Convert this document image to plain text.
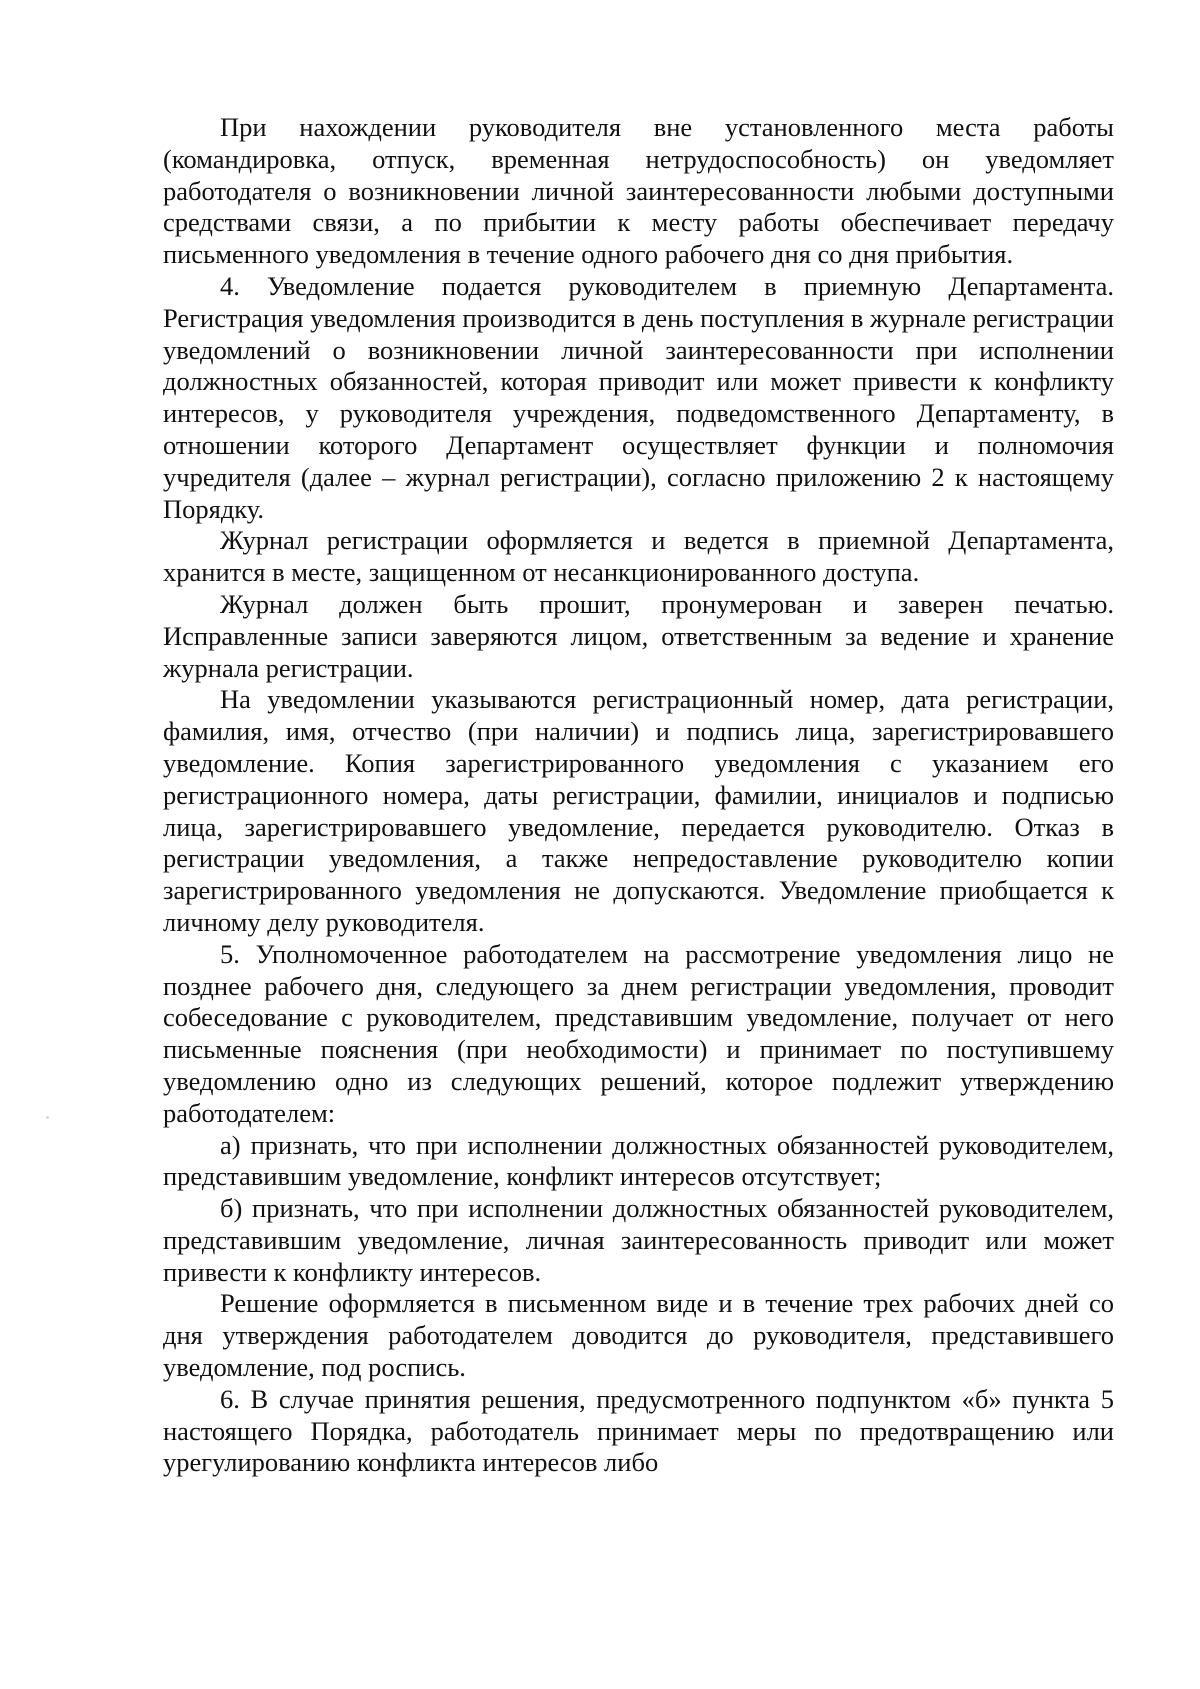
При нахождении руководителя вне установленного места работы (командировка, отпуск, временная нетрудоспособность) он уведомляет работодателя о возникновении личной заинтересованности любыми доступными средствами связи, а по прибытии к месту работы обеспечивает передачу письменного уведомления в течение одного рабочего дня со дня прибытия.

4. Уведомление подается руководителем в приемную Департамента. Регистрация уведомления производится в день поступления в журнале регистрации уведомлений о возникновении личной заинтересованности при исполнении должностных обязанностей, которая приводит или может привести к конфликту интересов, у руководителя учреждения, подведомственного Департаменту, в отношении которого Департамент осуществляет функции и полномочия учредителя (далее – журнал регистрации), согласно приложению 2 к настоящему Порядку.

Журнал регистрации оформляется и ведется в приемной Департамента, хранится в месте, защищенном от несанкционированного доступа.

Журнал должен быть прошит, пронумерован и заверен печатью. Исправленные записи заверяются лицом, ответственным за ведение и хранение журнала регистрации.

На уведомлении указываются регистрационный номер, дата регистрации, фамилия, имя, отчество (при наличии) и подпись лица, зарегистрировавшего уведомление. Копия зарегистрированного уведомления с указанием его регистрационного номера, даты регистрации, фамилии, инициалов и подписью лица, зарегистрировавшего уведомление, передается руководителю. Отказ в регистрации уведомления, а также непредоставление руководителю копии зарегистрированного уведомления не допускаются. Уведомление приобщается к личному делу руководителя.

5. Уполномоченное работодателем на рассмотрение уведомления лицо не позднее рабочего дня, следующего за днем регистрации уведомления, проводит собеседование с руководителем, представившим уведомление, получает от него письменные пояснения (при необходимости) и принимает по поступившему уведомлению одно из следующих решений, которое подлежит утверждению работодателем:

а) признать, что при исполнении должностных обязанностей руководителем, представившим уведомление, конфликт интересов отсутствует;

б) признать, что при исполнении должностных обязанностей руководителем, представившим уведомление, личная заинтересованность приводит или может привести к конфликту интересов.

Решение оформляется в письменном виде и в течение трех рабочих дней со дня утверждения работодателем доводится до руководителя, представившего уведомление, под роспись.

6. В случае принятия решения, предусмотренного подпунктом «б» пункта 5 настоящего Порядка, работодатель принимает меры по предотвращению или урегулированию конфликта интересов либо
